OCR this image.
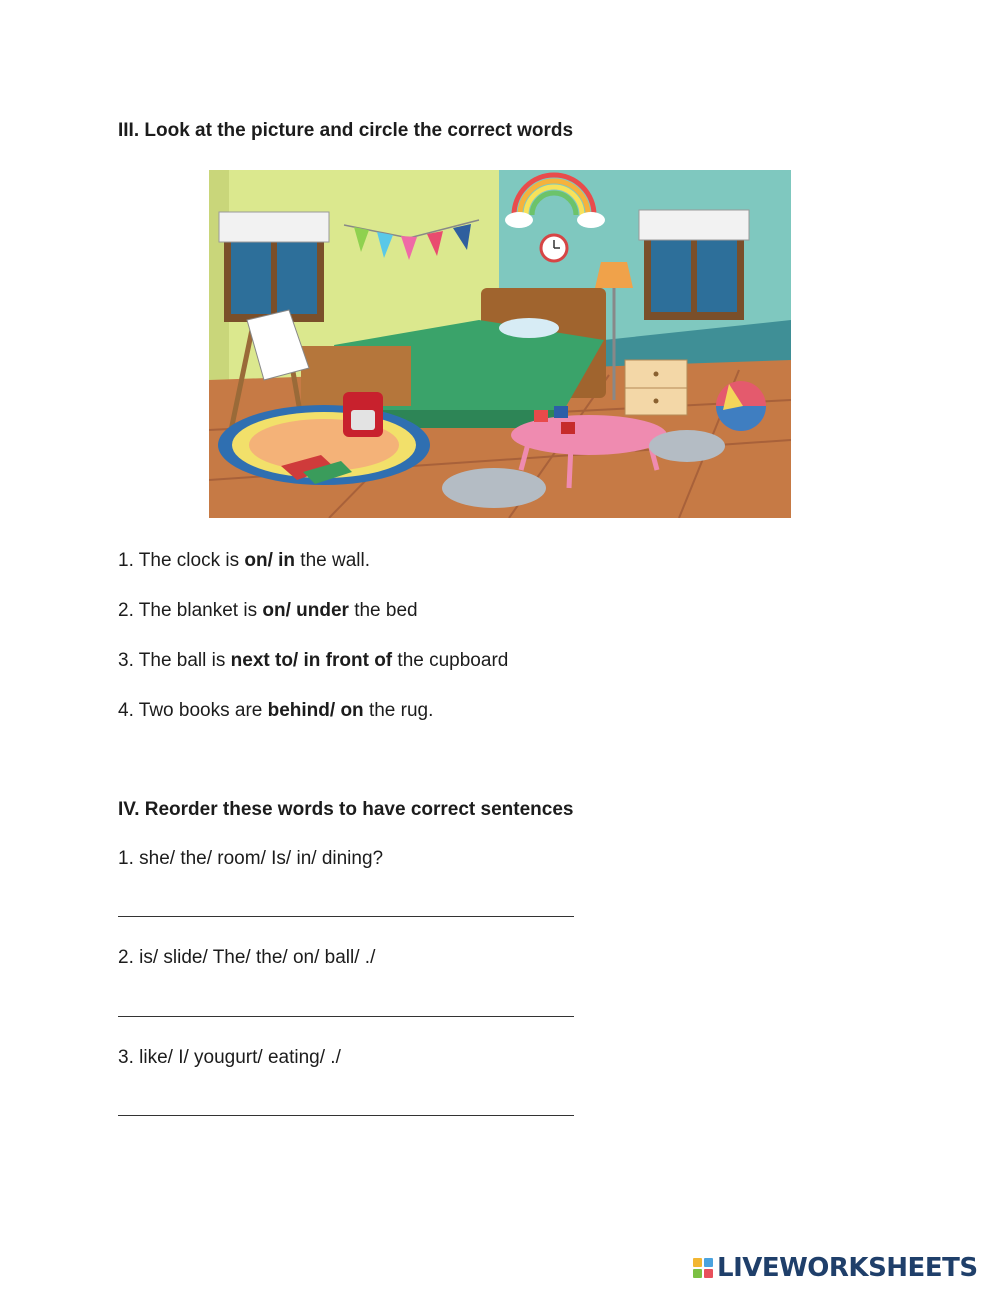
III. Look at the picture and circle the correct words
1. The clock is on/ in the wall.
2. The blanket is on/ under the bed
3. The ball is next to/ in front of the cupboard
4. Two books are behind/ on the rug.
IV. Reorder these words to have correct sentences
1. she/ the/ room/ Is/ in/ dining?
2. is/ slide/ The/ the/ on/ ball/ ./
3. like/ I/ yougurt/ eating/ ./
LIVEWORKSHEETS
